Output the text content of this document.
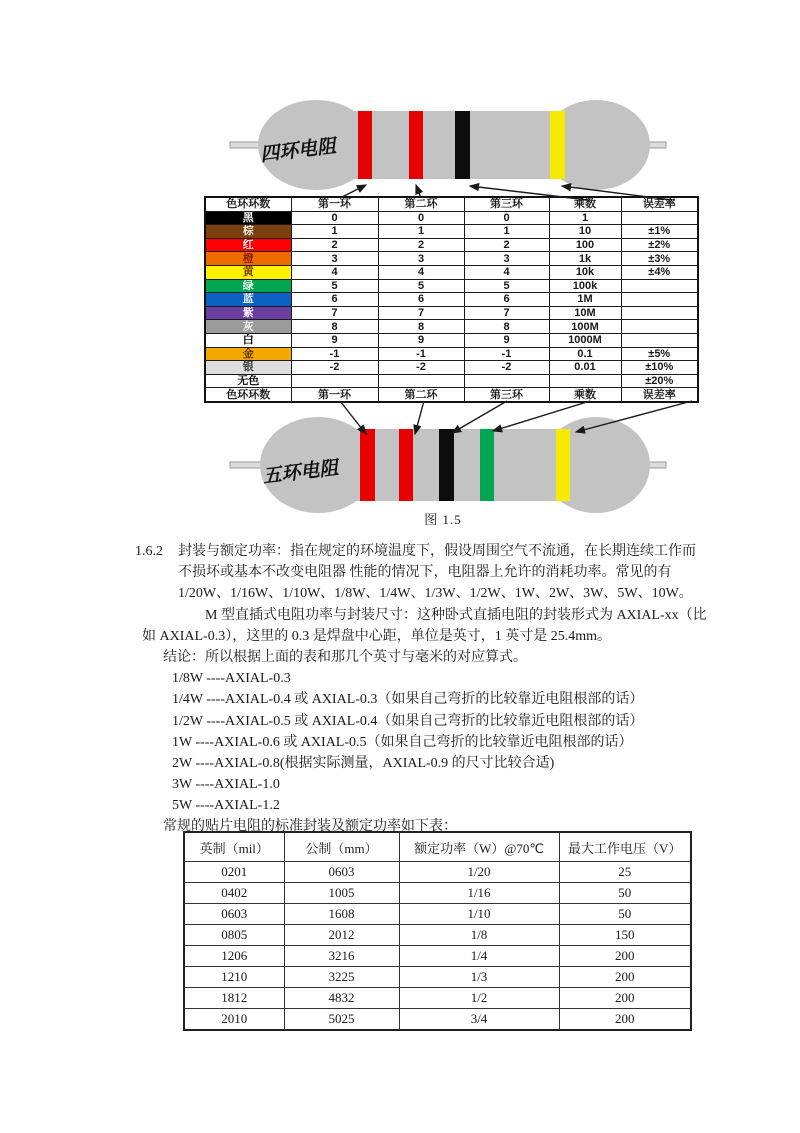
四环电阻
五环电阻
色环环数	第一环	第二环	第三环	乘数	误差率
黑	0	0	0	1	
棕	1	1	1	10	±1%
红	2	2	2	100	±2%
橙	3	3	3	1k	±3%
黄	4	4	4	10k	±4%
绿	5	5	5	100k	
蓝	6	6	6	1M	
紫	7	7	7	10M	
灰	8	8	8	100M	
白	9	9	9	1000M	
金	-1	-1	-1	0.1	±5%
银	-2	-2	-2	0.01	±10%
无色					±20%
色环环数	第一环	第二环	第三环	乘数	误差率
图 1.5
1.6.2 封装与额定功率：指在规定的环境温度下，假设周围空气不流通，在长期连续工作而
不损坏或基本不改变电阻器 性能的情况下，电阻器上允许的消耗功率。常见的有
1/20W、1/16W、1/10W、1/8W、1/4W、1/3W、1/2W、1W、2W、3W、5W、10W。
M 型直插式电阻功率与封装尺寸：这种卧式直插电阻的封装形式为 AXIAL-xx（比
如 AXIAL-0.3），这里的 0.3 是焊盘中心距，单位是英寸，1 英寸是 25.4mm。
结论：所以根据上面的表和那几个英寸与毫米的对应算式。
1/8W ----AXIAL-0.3
1/4W ----AXIAL-0.4 或 AXIAL-0.3（如果自己弯折的比较靠近电阻根部的话）
1/2W ----AXIAL-0.5 或 AXIAL-0.4（如果自己弯折的比较靠近电阻根部的话）
1W ----AXIAL-0.6 或 AXIAL-0.5（如果自己弯折的比较靠近电阻根部的话）
2W ----AXIAL-0.8(根据实际测量，AXIAL-0.9 的尺寸比较合适)
3W ----AXIAL-1.0
5W ----AXIAL-1.2
常规的贴片电阻的标准封装及额定功率如下表：
英制（mil）	公制（mm）	额定功率（W）@70℃	最大工作电压（V）
0201	0603	1/20	25
0402	1005	1/16	50
0603	1608	1/10	50
0805	2012	1/8	150
1206	3216	1/4	200
1210	3225	1/3	200
1812	4832	1/2	200
2010	5025	3/4	200
